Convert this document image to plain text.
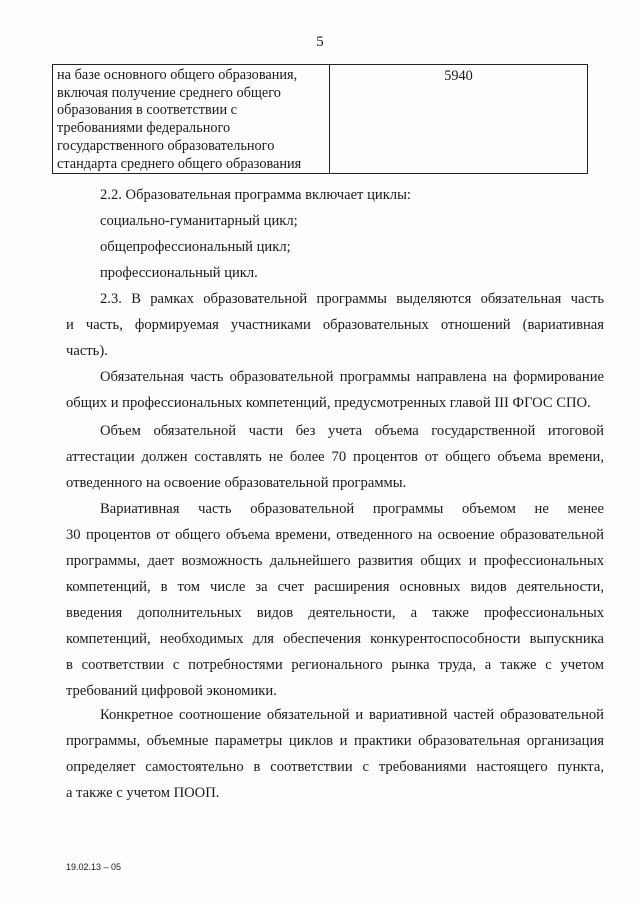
5
на базе основного общего образования,
включая получение среднего общего
образования в соответствии с
требованиями федерального
государственного образовательного
стандарта среднего общего образования
5940
2.2. Образовательная программа включает циклы:
социально-гуманитарный цикл;
общепрофессиональный цикл;
профессиональный цикл.
2.3. В рамках образовательной программы выделяются обязательная часть
и часть, формируемая участниками образовательных отношений (вариативная
часть).
Обязательная часть образовательной программы направлена на формирование
общих и профессиональных компетенций, предусмотренных главой III ФГОС СПО.
Объем обязательной части без учета объема государственной итоговой
аттестации должен составлять не более 70 процентов от общего объема времени,
отведенного на освоение образовательной программы.
Вариативная часть образовательной программы объемом не менее
30 процентов от общего объема времени, отведенного на освоение образовательной
программы, дает возможность дальнейшего развития общих и профессиональных
компетенций, в том числе за счет расширения основных видов деятельности,
введения дополнительных видов деятельности, а также профессиональных
компетенций, необходимых для обеспечения конкурентоспособности выпускника
в соответствии с потребностями регионального рынка труда, а также с учетом
требований цифровой экономики.
Конкретное соотношение обязательной и вариативной частей образовательной
программы, объемные параметры циклов и практики образовательная организация
определяет самостоятельно в соответствии с требованиями настоящего пункта,
а также с учетом ПООП.
19.02.13 – 05
